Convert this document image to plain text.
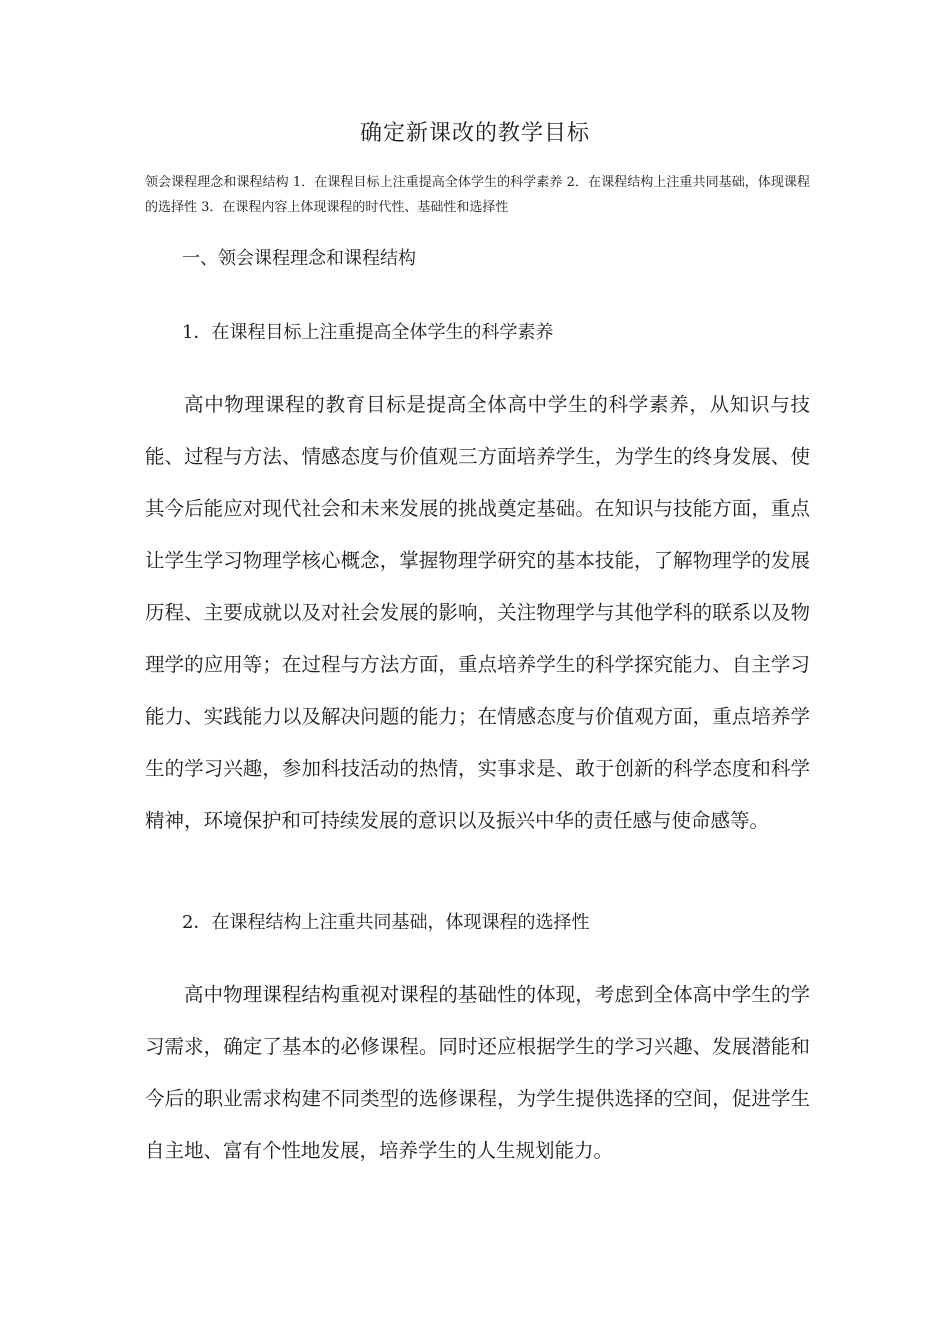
确定新课改的教学目标
领会课程理念和课程结构 1．在课程目标上注重提高全体学生的科学素养 2．在课程结构上注重共同基础，体现课程的选择性 3．在课程内容上体现课程的时代性、基础性和选择性
一、领会课程理念和课程结构
1．在课程目标上注重提高全体学生的科学素养

高中物理课程的教育目标是提高全体高中学生的科学素养，从知识与技能、过程与方法、情感态度与价值观三方面培养学生，为学生的终身发展、使其今后能应对现代社会和未来发展的挑战奠定基础。在知识与技能方面，重点让学生学习物理学核心概念，掌握物理学研究的基本技能，了解物理学的发展历程、主要成就以及对社会发展的影响，关注物理学与其他学科的联系以及物理学的应用等；在过程与方法方面，重点培养学生的科学探究能力、自主学习能力、实践能力以及解决问题的能力；在情感态度与价值观方面，重点培养学生的学习兴趣，参加科技活动的热情，实事求是、敢于创新的科学态度和科学精神，环境保护和可持续发展的意识以及振兴中华的责任感与使命感等。

2．在课程结构上注重共同基础，体现课程的选择性

高中物理课程结构重视对课程的基础性的体现，考虑到全体高中学生的学习需求，确定了基本的必修课程。同时还应根据学生的学习兴趣、发展潜能和今后的职业需求构建不同类型的选修课程，为学生提供选择的空间，促进学生自主地、富有个性地发展，培养学生的人生规划能力。
